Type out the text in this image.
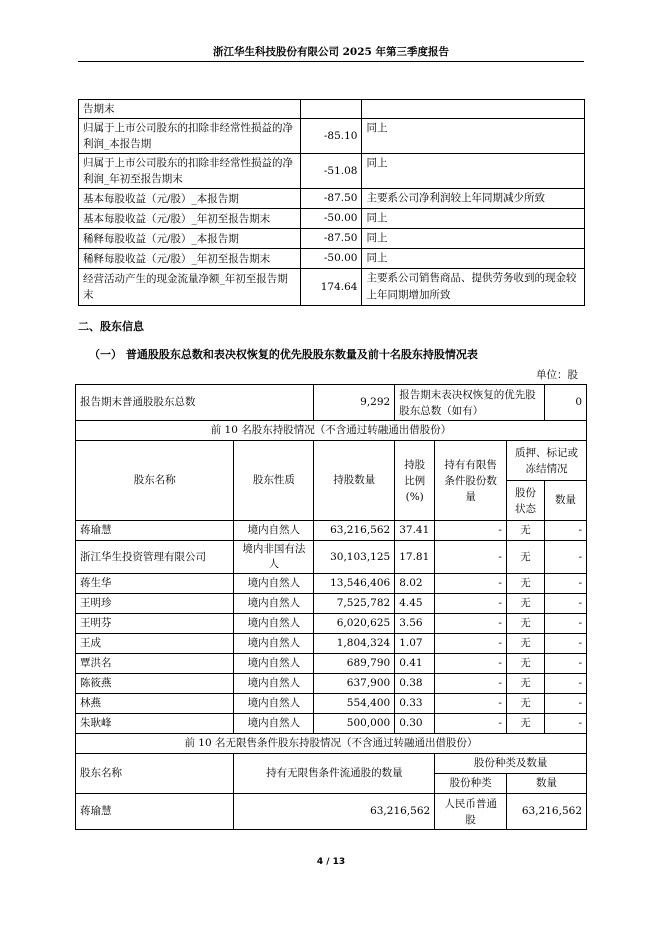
浙江华生科技股份有限公司 2025 年第三季度报告
告期末		
归属于上市公司股东的扣除非经常性损益的净利润_本报告期	-85.10	同上
归属于上市公司股东的扣除非经常性损益的净利润_年初至报告期末	-51.08	同上
基本每股收益（元/股）_本报告期	-87.50	主要系公司净利润较上年同期减少所致
基本每股收益（元/股）_年初至报告期末	-50.00	同上
稀释每股收益（元/股）_本报告期	-87.50	同上
稀释每股收益（元/股）_年初至报告期末	-50.00	同上
经营活动产生的现金流量净额_年初至报告期末	174.64	主要系公司销售商品、提供劳务收到的现金较上年同期增加所致
二、股东信息
（一） 普通股股东总数和表决权恢复的优先股股东数量及前十名股东持股情况表
单位：股
报告期末普通股股东总数		9,292	报告期末表决权恢复的优先股股东总数（如有）			0
前 10 名股东持股情况（不含通过转融通出借股份）						
股东名称	股东性质	持股数量	持股比例(%)	持有有限售条件股份数量	质押、标记或冻结情况	
					股份状态	数量
蒋瑜慧	境内自然人	63,216,562	37.41	-	无	-
浙江华生投资管理有限公司	境内非国有法人	30,103,125	17.81	-	无	-
蒋生华	境内自然人	13,546,406	8.02	-	无	-
王明珍	境内自然人	7,525,782	4.45	-	无	-
王明芬	境内自然人	6,020,625	3.56	-	无	-
王成	境内自然人	1,804,324	1.07	-	无	-
覃洪名	境内自然人	689,790	0.41	-	无	-
陈筱燕	境内自然人	637,900	0.38	-	无	-
林燕	境内自然人	554,400	0.33	-	无	-
朱耿峰	境内自然人	500,000	0.30	-	无	-
前 10 名无限售条件股东持股情况（不含通过转融通出借股份）						
股东名称	持有无限售条件流通股的数量			股份种类及数量		
				股份种类	数量	
蒋瑜慧	63,216,562			人民币普通股	63,216,562	
4 / 13
